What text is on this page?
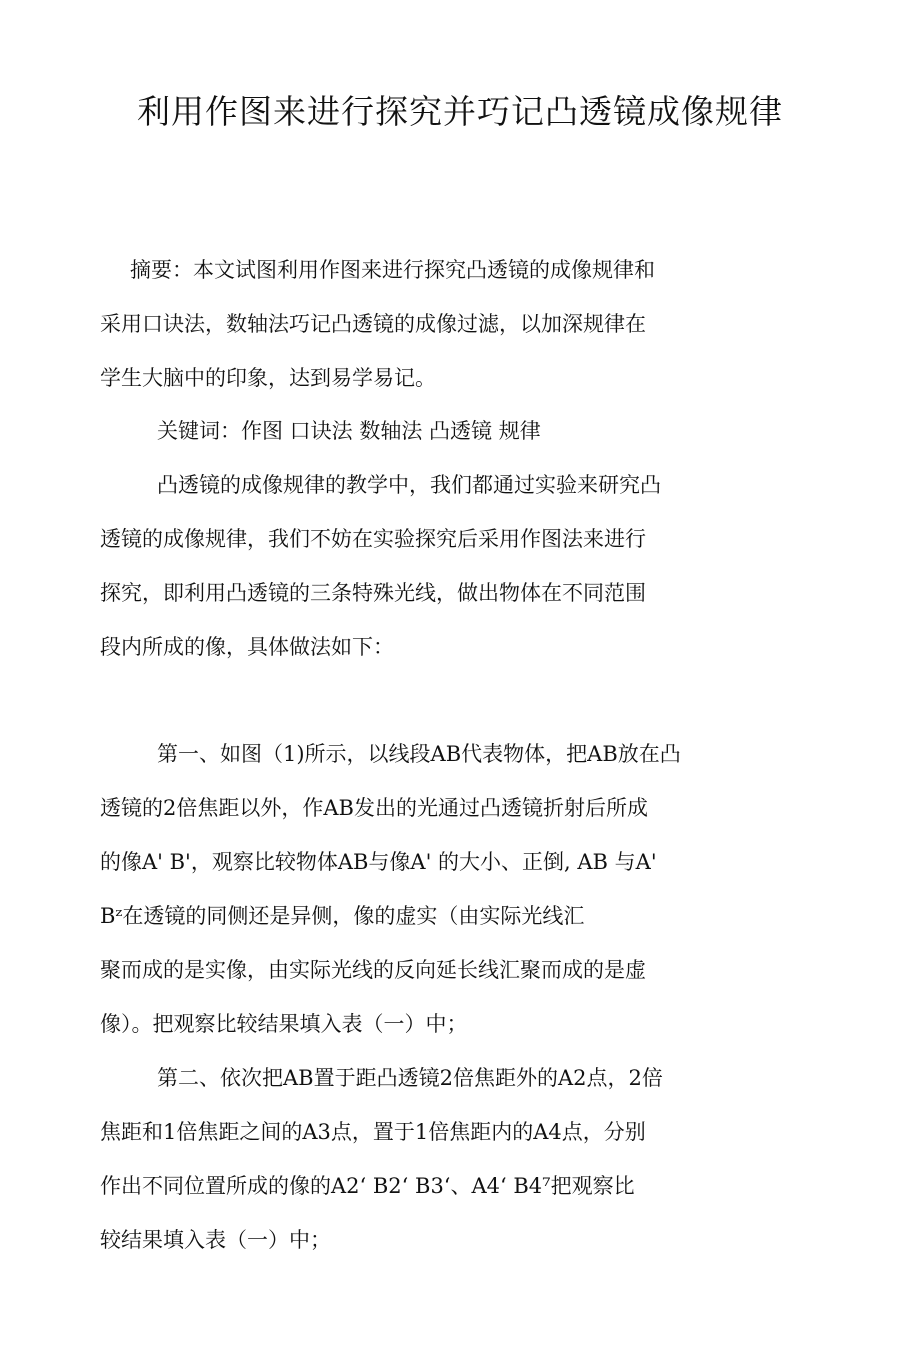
利用作图来进行探究并巧记凸透镜成像规律
摘要：本文试图利用作图来进行探究凸透镜的成像规律和
采用口诀法，数轴法巧记凸透镜的成像过滤，以加深规律在
学生大脑中的印象，达到易学易记。
关键词：作图 口诀法 数轴法 凸透镜 规律
凸透镜的成像规律的教学中，我们都通过实验来研究凸
透镜的成像规律，我们不妨在实验探究后采用作图法来进行
探究，即利用凸透镜的三条特殊光线，做出物体在不同范围
段内所成的像，具体做法如下：
第一、如图（1)所示，以线段AB代表物体，把AB放在凸
透镜的2倍焦距以外，作AB发出的光通过凸透镜折射后所成
的像A' B'，观察比较物体AB与像A' 的大小、正倒, AB 与A'
Bᶻ在透镜的同侧还是异侧，像的虚实（由实际光线汇
聚而成的是实像，由实际光线的反向延长线汇聚而成的是虚
像）。把观察比较结果填入表（一）中；
第二、依次把AB置于距凸透镜2倍焦距外的A2点，2倍
焦距和1倍焦距之间的A3点，置于1倍焦距内的A4点，分别
作出不同位置所成的像的A2‘ B2‘ B3‘、A4‘ B4⁷把观察比
较结果填入表（一）中；
